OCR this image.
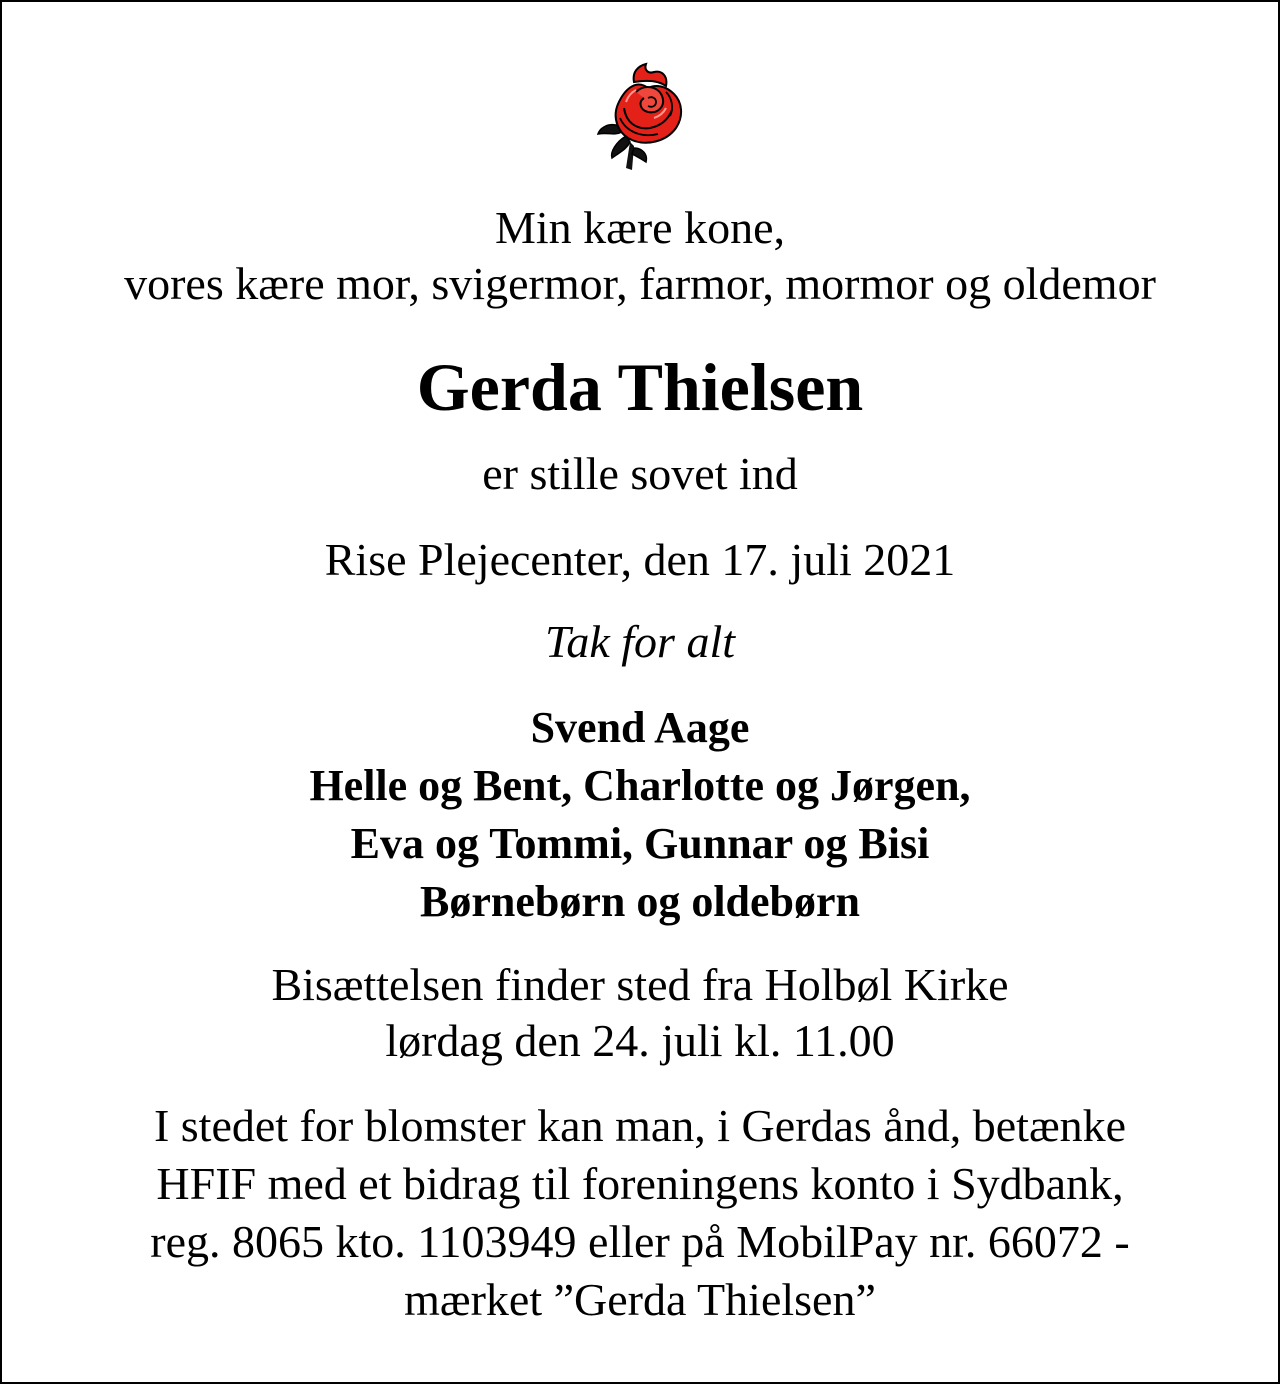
Min kære kone,
vores kære mor, svigermor, farmor, mormor og oldemor
Gerda Thielsen
er stille sovet ind
Rise Plejecenter, den 17. juli 2021
Tak for alt
Svend Aage
Helle og Bent, Charlotte og Jørgen,
Eva og Tommi, Gunnar og Bisi
Børnebørn og oldebørn
Bisættelsen finder sted fra Holbøl Kirke
lørdag den 24. juli kl. 11.00
I stedet for blomster kan man, i Gerdas ånd, betænke
HFIF med et bidrag til foreningens konto i Sydbank,
reg. 8065 kto. 1103949 eller på MobilPay nr. 66072 -
mærket ”Gerda Thielsen”
